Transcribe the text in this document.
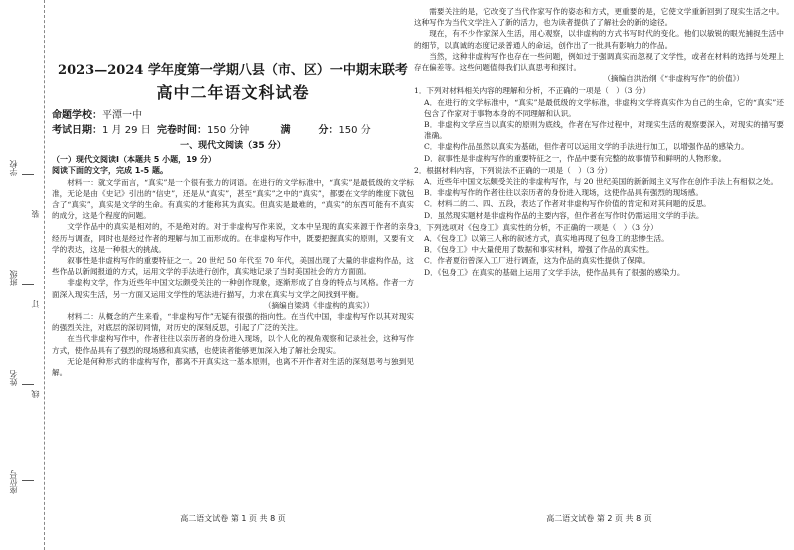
座位号
姓名
班级
学校
装
订
线
2023—2024 学年度第一学期八县（市、区）一中期末联考
高中二年语文科试卷
命题学校：平潭一中
考试日期：1 月 29 日 完卷时间：150 分钟	满	分：150 分
一、现代文阅读（35 分）
（一）现代文阅读Ⅰ（本题共 5 小题，19 分）
阅读下面的文字，完成 1-5 题。

材料一：就文学而言，“真实”是一个很有张力的词语。在进行的文学标准中，“真实”是最低级的文学标准，无论是由《史记》引出的“信史”，还是从“真实”，甚至“真实”之中的“真实”，都要在文学的维度下就包含了“真实”，真实是文学的生命。有真实的才能称其为真实。但真实是最难的，“真实”的东西可能有不真实的成分，这是个程度的问题。

文学作品中的真实是相对的，不是绝对的。对于非虚构写作来说，文本中呈现的真实来源于作者的亲身经历与调查，同时也是经过作者的理解与加工而形成的。在非虚构写作中，既要把握真实的原则，又要有文学的表达，这是一种很大的挑战。

叙事性是非虚构写作的重要特征之一。20 世纪 50 年代至 70 年代，美国出现了大量的非虚构作品，这些作品以新闻报道的方式，运用文学的手法进行创作，真实地记录了当时美国社会的方方面面。

非虚构文学，作为近些年中国文坛颇受关注的一种创作现象，逐渐形成了自身的特点与风格。作者一方面深入现实生活，另一方面又运用文学性的笔法进行描写，力求在真实与文学之间找到平衡。

（摘编自梁鸿《非虚构的真实》）

材料二：从概念的产生来看，“非虚构写作”无疑有很强的指向性。在当代中国，非虚构写作以其对现实的强烈关注，对底层的深切同情，对历史的深刻反思，引起了广泛的关注。

在当代非虚构写作中，作者往往以亲历者的身份进入现场，以个人化的视角观察和记录社会，这种写作方式，使作品具有了强烈的现场感和真实感，也使读者能够更加深入地了解社会现实。

无论是何种形式的非虚构写作，都离不开真实这一基本原则，也离不开作者对生活的深刻思考与独到见解。

高二语文试卷 第 1 页 共 8 页

需要关注的是，它改变了当代作家写作的姿态和方式，更重要的是，它使文学重新回到了现实生活之中。这种写作为当代文学注入了新的活力，也为读者提供了了解社会的新的途径。

现在，有不少作家深入生活，用心观察，以非虚构的方式书写时代的变化。他们以敏锐的眼光捕捉生活中的细节，以真诚的态度记录普通人的命运，创作出了一批具有影响力的作品。

当然，这种非虚构写作也存在一些问题，例如过于强调真实而忽视了文学性，或者在材料的选择与处理上存在偏差等。这些问题值得我们认真思考和探讨。

（摘编自洪治纲《“非虚构写作”的价值》）

1．下列对材料相关内容的理解和分析，不正确的一项是（　）（3 分）

A．在进行的文学标准中，“真实”是最低级的文学标准，非虚构文学将真实作为自己的生命，它的“真实”还包含了作家对于事物本身的不同理解和认识。

B．非虚构文学应当以真实的原则为底线，作者在写作过程中，对现实生活的观察要深入，对现实的描写要准确。

C．非虚构作品虽然以真实为基础，但作者可以运用文学的手法进行加工，以增强作品的感染力。

D．叙事性是非虚构写作的重要特征之一，作品中要有完整的故事情节和鲜明的人物形象。

2．根据材料内容，下列说法不正确的一项是（　）（3 分）

A．近些年中国文坛颇受关注的非虚构写作，与 20 世纪美国的新新闻主义写作在创作手法上有相似之处。

B．非虚构写作的作者往往以亲历者的身份进入现场，这使作品具有强烈的现场感。

C．材料二的二、四、五段，表达了作者对非虚构写作价值的肯定和对其问题的反思。

D．虽然现实题材是非虚构作品的主要内容，但作者在写作时仍需运用文学的手法。

3．下列选项对《包身工》真实性的分析，不正确的一项是（　）（3 分）

A．《包身工》以第三人称的叙述方式，真实地再现了包身工的悲惨生活。

B．《包身工》中大量使用了数据和事实材料，增强了作品的真实性。

C．作者夏衍曾深入工厂进行调查，这为作品的真实性提供了保障。

D．《包身工》在真实的基础上运用了文学手法，使作品具有了很强的感染力。

高二语文试卷 第 2 页 共 8 页
